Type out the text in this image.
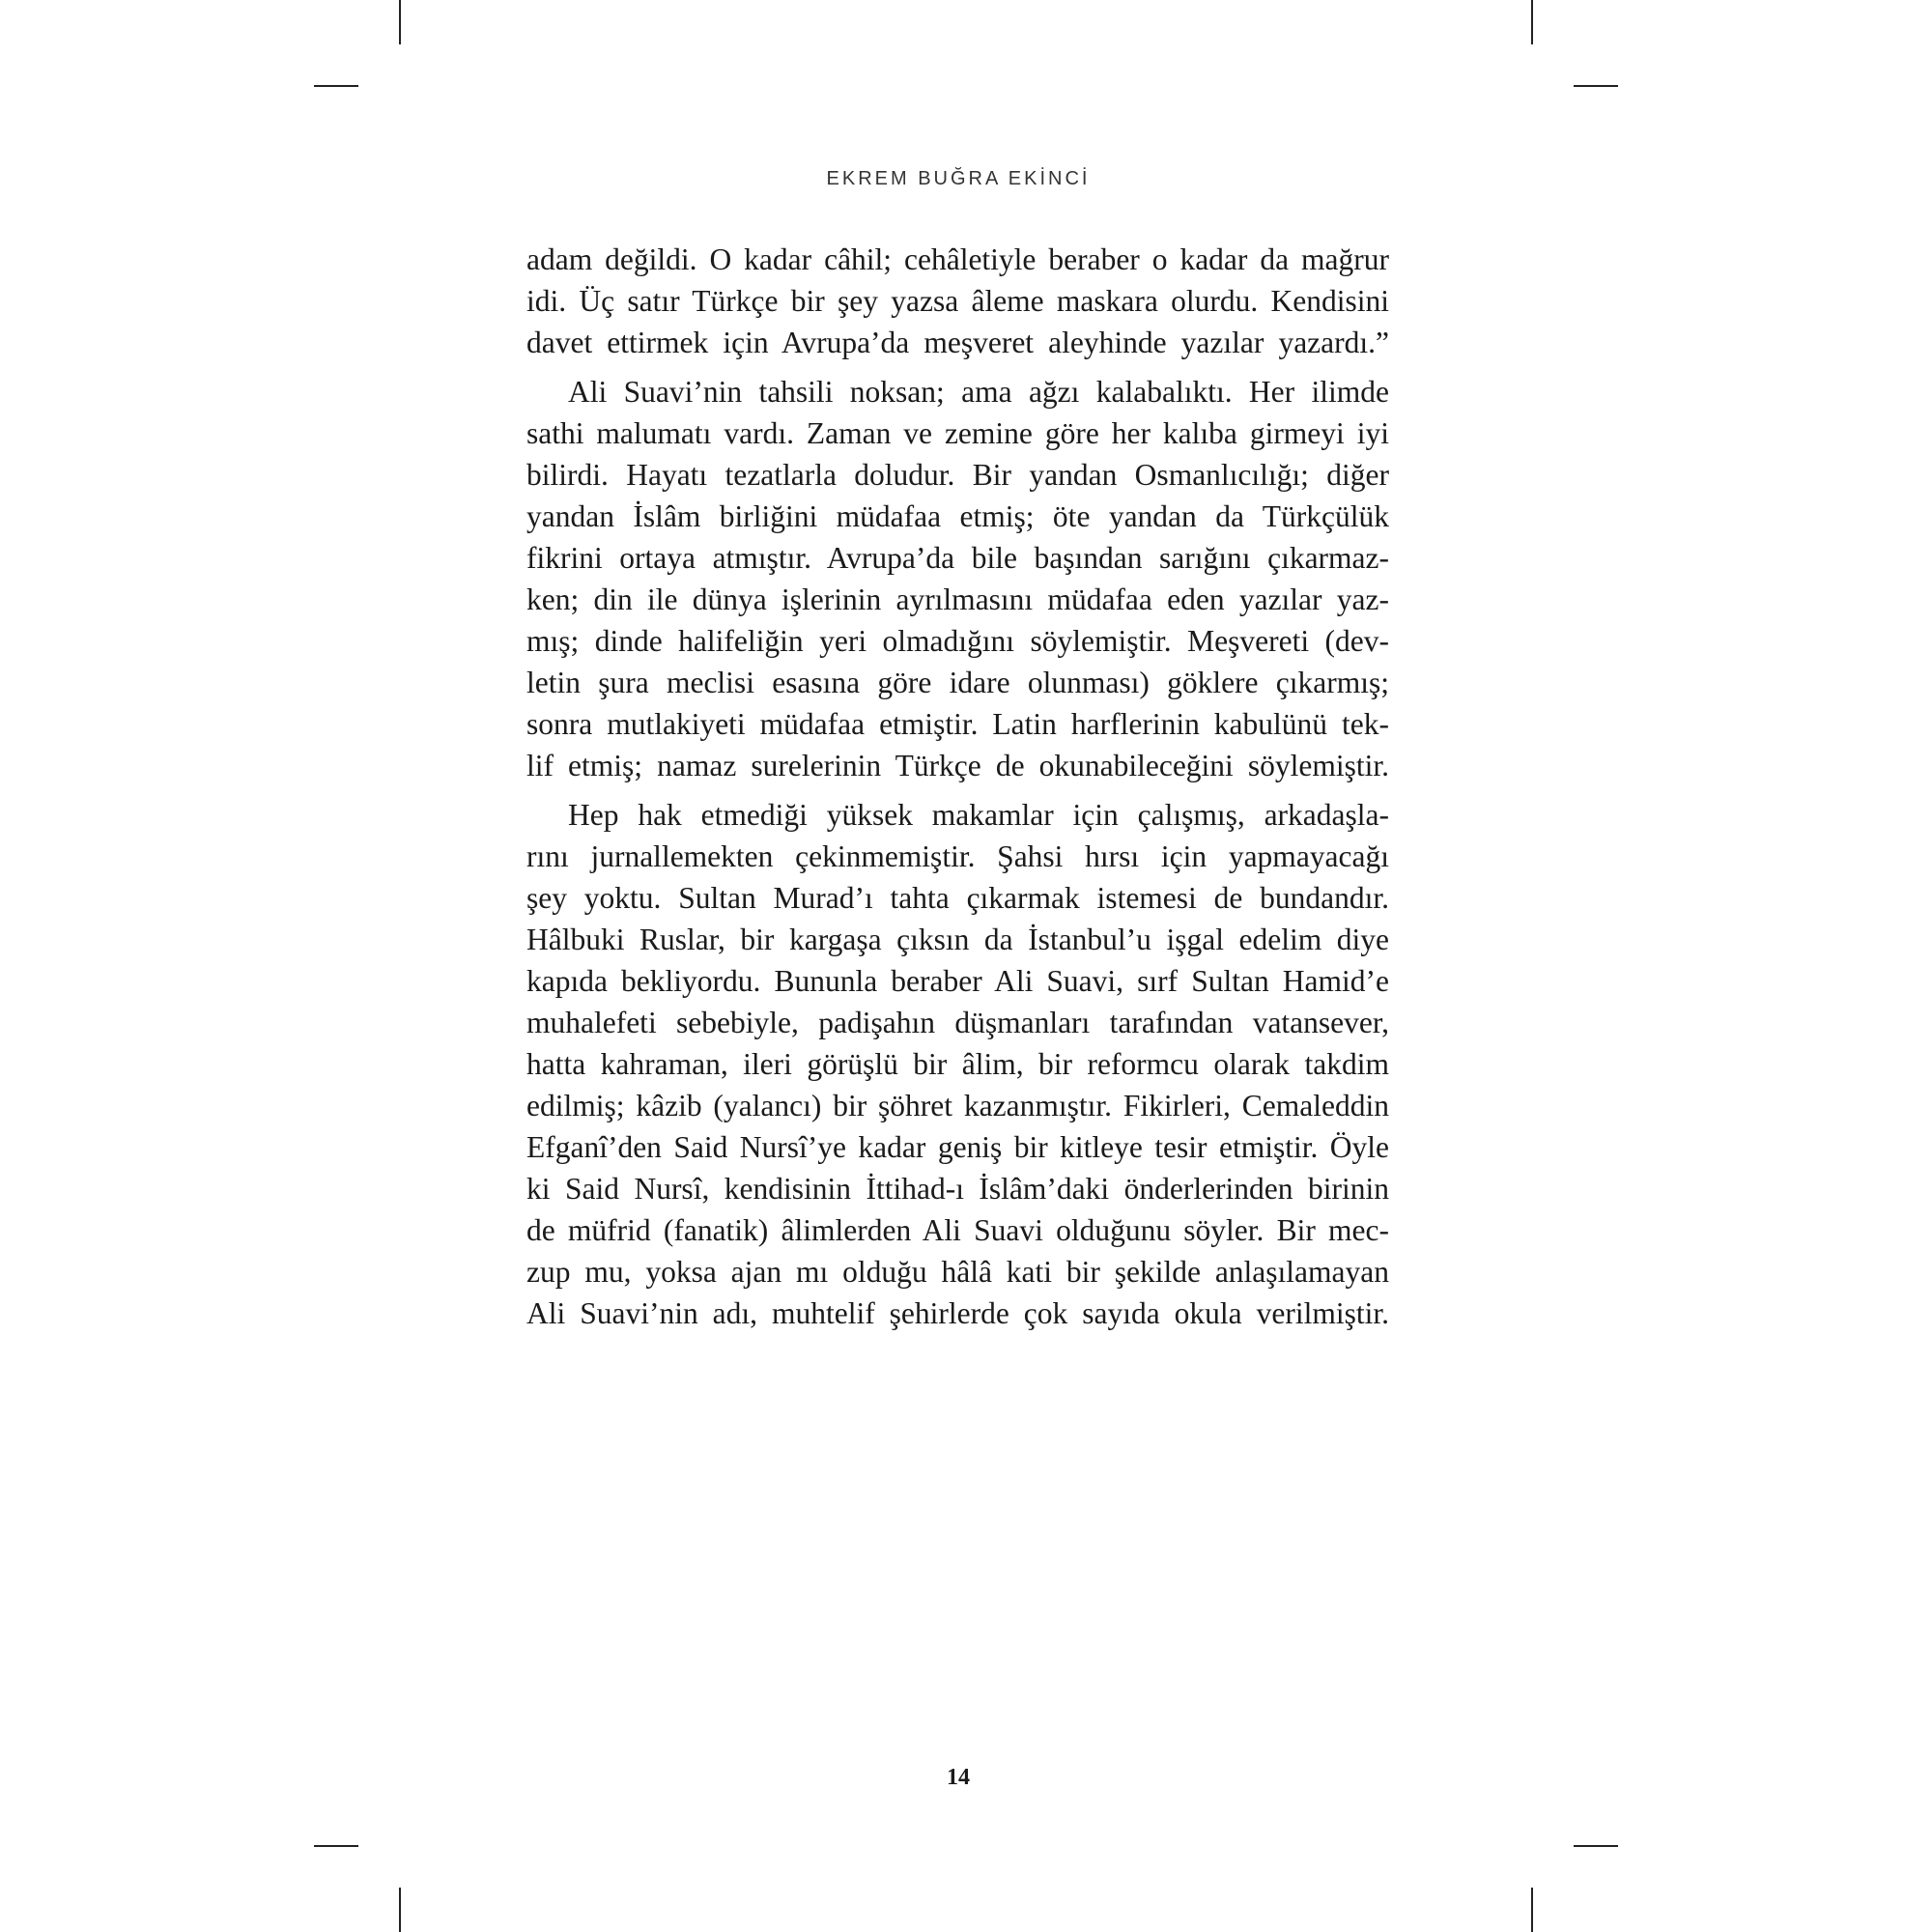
EKREM BUĞRA EKİNCİ

adam değildi. O kadar câhil; cehâletiyle beraber o kadar da mağrur
idi. Üç satır Türkçe bir şey yazsa âleme maskara olurdu. Kendisini
davet ettirmek için Avrupa’da meşveret aleyhinde yazılar yazardı.”

Ali Suavi’nin tahsili noksan; ama ağzı kalabalıktı. Her ilimde
sathi malumatı vardı. Zaman ve zemine göre her kalıba girmeyi iyi
bilirdi. Hayatı tezatlarla doludur. Bir yandan Osmanlıcılığı; diğer
yandan İslâm birliğini müdafaa etmiş; öte yandan da Türkçülük
fikrini ortaya atmıştır. Avrupa’da bile başından sarığını çıkarmaz-
ken; din ile dünya işlerinin ayrılmasını müdafaa eden yazılar yaz-
mış; dinde halifeliğin yeri olmadığını söylemiştir. Meşvereti (dev-
letin şura meclisi esasına göre idare olunması) göklere çıkarmış;
sonra mutlakiyeti müdafaa etmiştir. Latin harflerinin kabulünü tek-
lif etmiş; namaz surelerinin Türkçe de okunabileceğini söylemiştir.

Hep hak etmediği yüksek makamlar için çalışmış, arkadaşla-
rını jurnallemekten çekinmemiştir. Şahsi hırsı için yapmayacağı
şey yoktu. Sultan Murad’ı tahta çıkarmak istemesi de bundandır.
Hâlbuki Ruslar, bir kargaşa çıksın da İstanbul’u işgal edelim diye
kapıda bekliyordu. Bununla beraber Ali Suavi, sırf Sultan Hamid’e
muhalefeti sebebiyle, padişahın düşmanları tarafından vatansever,
hatta kahraman, ileri görüşlü bir âlim, bir reformcu olarak takdim
edilmiş; kâzib (yalancı) bir şöhret kazanmıştır. Fikirleri, Cemaleddin
Efganî’den Said Nursî’ye kadar geniş bir kitleye tesir etmiştir. Öyle
ki Said Nursî, kendisinin İttihad-ı İslâm’daki önderlerinden birinin
de müfrid (fanatik) âlimlerden Ali Suavi olduğunu söyler. Bir mec-
zup mu, yoksa ajan mı olduğu hâlâ kati bir şekilde anlaşılamayan
Ali Suavi’nin adı, muhtelif şehirlerde çok sayıda okula verilmiştir.

14
